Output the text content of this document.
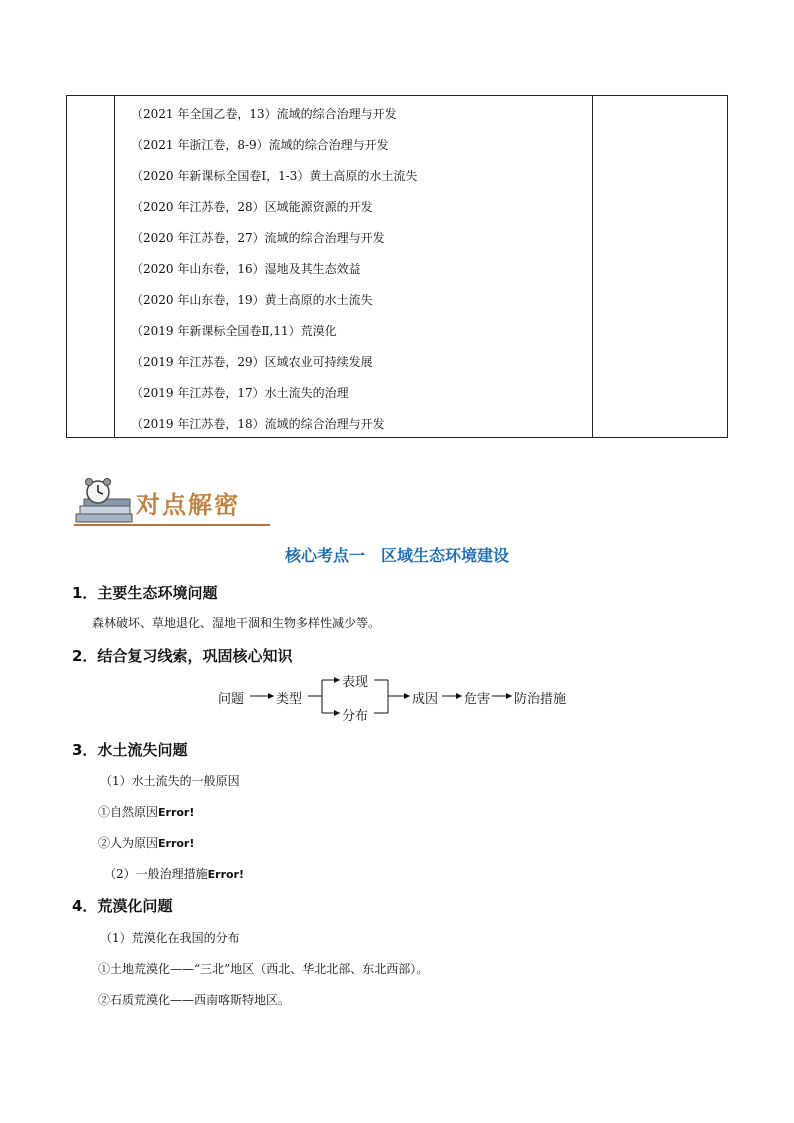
（2021 年全国乙卷，13）流域的综合治理与开发
（2021 年浙江卷，8-9）流域的综合治理与开发
（2020 年新课标全国卷Ⅰ，1-3）黄土高原的水土流失
（2020 年江苏卷，28）区域能源资源的开发
（2020 年江苏卷，27）流域的综合治理与开发
（2020 年山东卷，16）湿地及其生态效益
（2020 年山东卷，19）黄土高原的水土流失
（2019 年新课标全国卷Ⅱ,11）荒漠化
（2019 年江苏卷，29）区域农业可持续发展
（2019 年江苏卷，17）水土流失的治理
（2019 年江苏卷，18）流域的综合治理与开发
对点解密
核心考点一　区域生态环境建设
1．主要生态环境问题
森林破坏、草地退化、湿地干涸和生物多样性减少等。
2．结合复习线索，巩固核心知识
问题 类型
表现
分布
成因 危害 防治措施
3．水土流失问题
（1）水土流失的一般原因
①自然原因Error!
②人为原因Error!
（2）一般治理措施Error!
4．荒漠化问题
（1）荒漠化在我国的分布
①土地荒漠化——“三北”地区（西北、华北北部、东北西部）。
②石质荒漠化——西南喀斯特地区。
